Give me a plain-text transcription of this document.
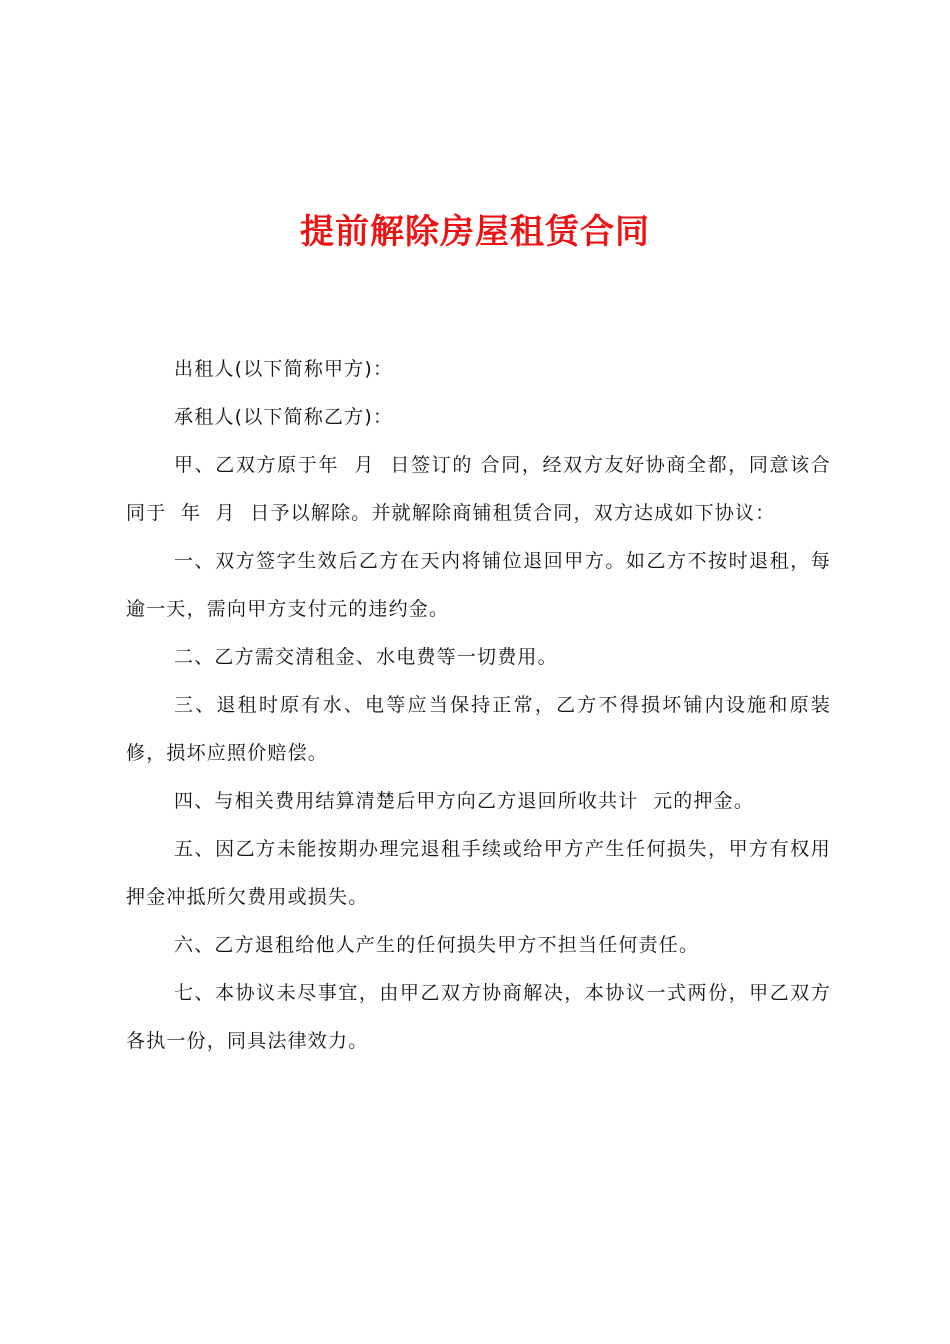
提前解除房屋租赁合同

出租人(以下简称甲方)：

承租人(以下简称乙方)：

甲、乙双方原于年  月  日签订的 合同，经双方友好协商全都，同意该合同于  年  月  日予以解除。并就解除商铺租赁合同，双方达成如下协议：

一、双方签字生效后乙方在天内将铺位退回甲方。如乙方不按时退租，每逾一天，需向甲方支付元的违约金。

二、乙方需交清租金、水电费等一切费用。

三、退租时原有水、电等应当保持正常，乙方不得损坏铺内设施和原装修，损坏应照价赔偿。

四、与相关费用结算清楚后甲方向乙方退回所收共计  元的押金。

五、因乙方未能按期办理完退租手续或给甲方产生任何损失，甲方有权用押金冲抵所欠费用或损失。

六、乙方退租给他人产生的任何损失甲方不担当任何责任。

七、本协议未尽事宜，由甲乙双方协商解决，本协议一式两份，甲乙双方各执一份，同具法律效力。
